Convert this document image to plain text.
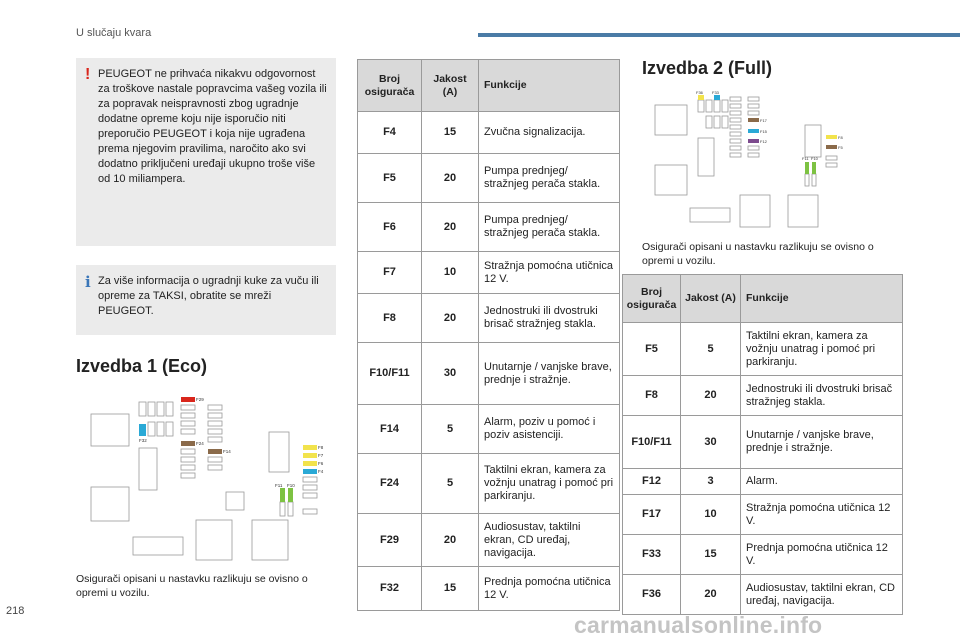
U slučaju kvara
! PEUGEOT ne prihvaća nikakvu odgovornost za troškove nastale popravcima vašeg vozila ili za popravak neispravnosti zbog ugradnje dodatne opreme koju nije isporučio niti preporučio PEUGEOT i koja nije ugrađena prema njegovim pravilima, naročito ako svi dodatno priključeni uređaji ukupno troše više od 10 miliampera.
i Za više informacija o ugradnji kuke za vuču ili opreme za TAKSI, obratite se mreži PEUGEOT.
Izvedba 1 (Eco)
F29
F32
F24
F14
F8
F7
F6
F4
F11 F10
Osigurači opisani u nastavku razlikuju se ovisno o opremi u vozilu.
Broj osigurača	Jakost (A)	Funkcije
F4	15	Zvučna signalizacija.
F5	20	Pumpa prednjeg/ stražnjeg perača stakla.
F6	20	Pumpa prednjeg/ stražnjeg perača stakla.
F7	10	Stražnja pomoćna utičnica 12 V.
F8	20	Jednostruki ili dvostruki brisač stražnjeg stakla.
F10/F11	30	Unutarnje / vanjske brave, prednje i stražnje.
F14	5	Alarm, poziv u pomoć i poziv asistenciji.
F24	5	Taktilni ekran, kamera za vožnju unatrag i pomoć pri parkiranju.
F29	20	Audiosustav, taktilni ekran, CD uređaj, navigacija.
F32	15	Prednja pomoćna utičnica 12 V.
Izvedba 2 (Full)
F36 F33
F17
F15
F12
F8
F5
F11 F10
Osigurači opisani u nastavku razlikuju se ovisno o opremi u vozilu.
Broj osigurača	Jakost (A)	Funkcije
F5	5	Taktilni ekran, kamera za vožnju unatrag i pomoć pri parkiranju.
F8	20	Jednostruki ili dvostruki brisač stražnjeg stakla.
F10/F11	30	Unutarnje / vanjske brave, prednje i stražnje.
F12	3	Alarm.
F17	10	Stražnja pomoćna utičnica 12 V.
F33	15	Prednja pomoćna utičnica 12 V.
F36	20	Audiosustav, taktilni ekran, CD uređaj, navigacija.
218
carmanualsonline.info
